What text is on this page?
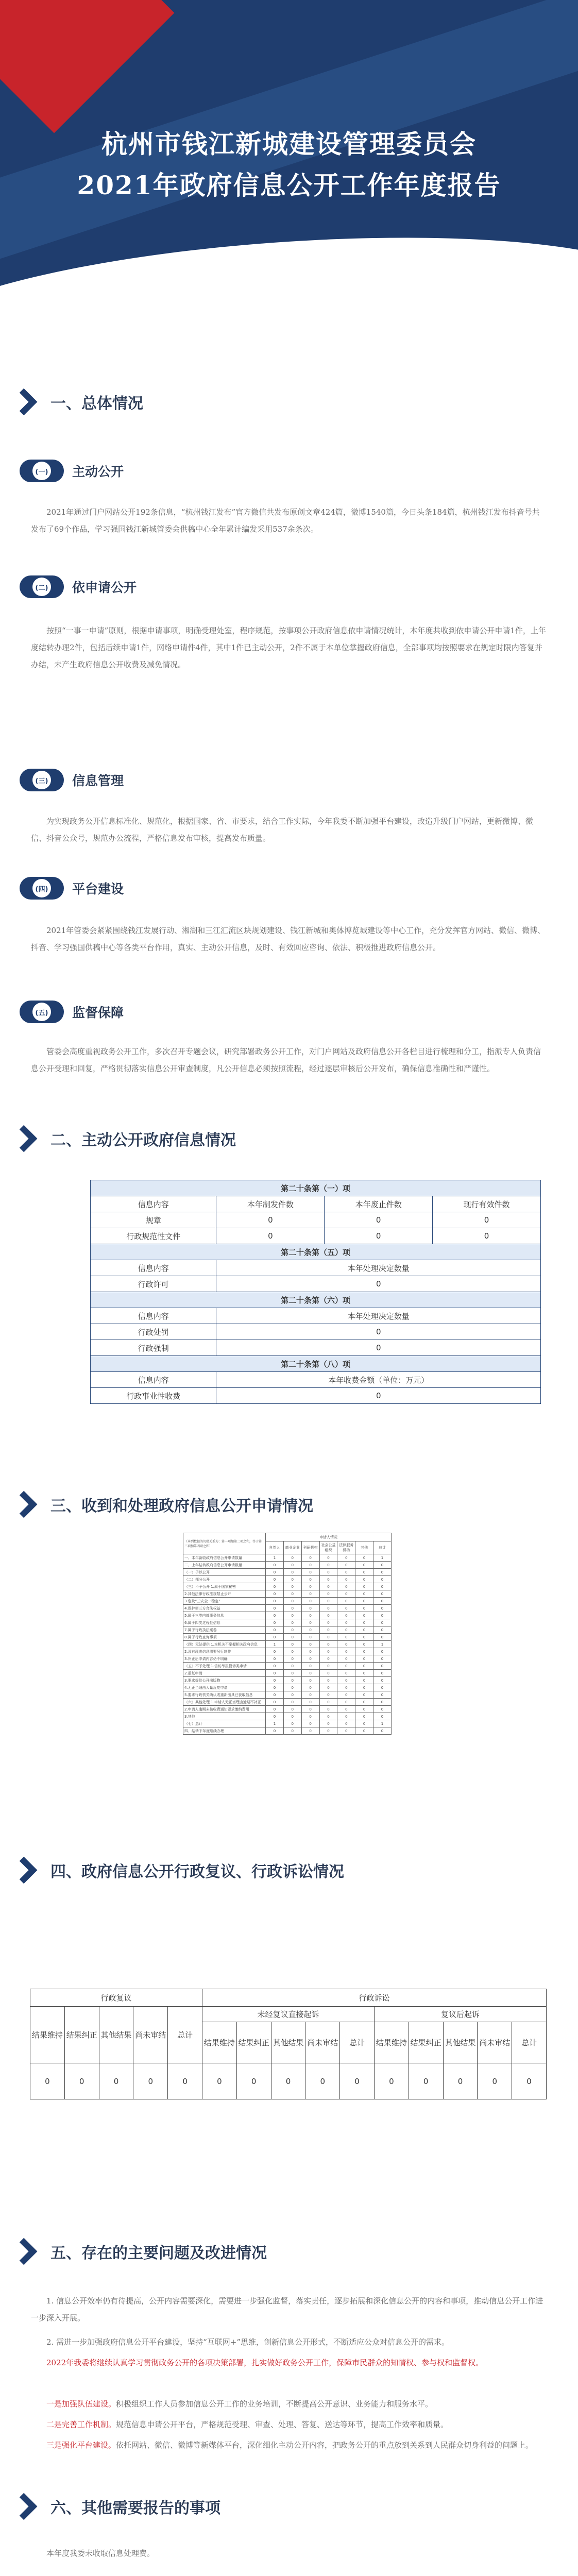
杭州市钱江新城建设管理委员会
2021年政府信息公开工作年度报告
一、总体情况
(一) 主动公开

2021年通过门户网站公开192条信息，“杭州钱江发布”官方微信共发布原创文章424篇，微博1540篇，今日头条184篇，杭州钱江发布抖音号共发布了69个作品，学习强国钱江新城管委会供稿中心全年累计编发采用537余条次。

(二) 依申请公开

按照“一事一申请”原则，根据申请事项，明确受理处室，程序规范，按事项公开政府信息依申请情况统计，本年度共收到依申请公开申请1件，上年度结转办理2件，包括后续申请1件，网络申请件4件，其中1件已主动公开，2件不属于本单位掌握政府信息，全部事项均按照要求在规定时限内答复并办结，未产生政府信息公开收费及减免情况。

(三) 信息管理

为实现政务公开信息标准化、规范化，根据国家、省、市要求，结合工作实际，今年我委不断加强平台建设，改造升级门户网站，更新微博、微信、抖音公众号，规范办公流程，严格信息发布审核，提高发布质量。

(四) 平台建设

2021年管委会紧紧围绕钱江发展行动、湘湖和三江汇流区块规划建设、钱江新城和奥体博览城建设等中心工作，充分发挥官方网站、微信、微博、抖音、学习强国供稿中心等各类平台作用，真实、主动公开信息，及时、有效回应咨询、依法、积极推进政府信息公开。

(五) 监督保障

管委会高度重视政务公开工作，多次召开专题会议，研究部署政务公开工作，对门户网站及政府信息公开各栏目进行梳理和分工，指派专人负责信息公开受理和回复，严格贯彻落实信息公开审查制度，凡公开信息必须按照流程，经过逐层审核后公开发布，确保信息准确性和严谨性。

二、主动公开政府信息情况
第二十条第（一）项			
信息内容	本年制发件数	本年废止件数	现行有效件数
规章	0	0	0
行政规范性文件	0	0	0
第二十条第（五）项			
信息内容	本年处理决定数量		
行政许可	0		
第二十条第（六）项			
信息内容	本年处理决定数量		
行政处罚	0		
行政强制	0		
第二十条第（八）项			
信息内容	本年收费金额（单位：万元）		
行政事业性收费	0		
三、收到和处理政府信息公开申请情况
（本列数据的勾稽关系为：第一项加第二项之和，等于第三项加第四项之和）	申请人情况						
	自然人	商业企业	科研机构	社会公益组织	法律服务机构	其他	总计
一、本年新收政府信息公开申请数量	1	0	0	0	0	0	1
二、上年结转政府信息公开申请数量	0	0	0	0	0	0	0
（一）予以公开	0	0	0	0	0	0	0
（二）部分公开	0	0	0	0	0	0	0
（三）不予公开 1.属于国家秘密	0	0	0	0	0	0	0
2.其他法律行政法规禁止公开	0	0	0	0	0	0	0
3.危及“三安全一稳定”	0	0	0	0	0	0	0
4.保护第三方合法权益	0	0	0	0	0	0	0
5.属于三类内部事务信息	0	0	0	0	0	0	0
6.属于四类过程性信息	0	0	0	0	0	0	0
7.属于行政执法案卷	0	0	0	0	0	0	0
8.属于行政查询事项	0	0	0	0	0	0	0
（四）无法提供 1.本机关不掌握相关政府信息	1	0	0	0	0	0	1
2.没有现成信息需要另行制作	0	0	0	0	0	0	0
3.补正后申请内容仍不明确	0	0	0	0	0	0	0
（五）不予处理 1.信访举报投诉类申请	0	0	0	0	0	0	0
2.重复申请	0	0	0	0	0	0	0
3.要求提供公开出版物	0	0	0	0	0	0	0
4.无正当理由大量反复申请	0	0	0	0	0	0	0
5.要求行政机关确认或重新出具已获取信息	0	0	0	0	0	0	0
（六）其他处理 1.申请人无正当理由逾期不补正	0	0	0	0	0	0	0
2.申请人逾期未按收费通知要求缴纳费用	0	0	0	0	0	0	0
3.其他	0	0	0	0	0	0	0
（七）总计	1	0	0	0	0	0	1
四、结转下年度继续办理	0	0	0	0	0	0	0
四、政府信息公开行政复议、行政诉讼情况
行政复议					行政诉讼									
结果维持	结果纠正	其他结果	尚未审结	总计	未经复议直接起诉					复议后起诉				
					结果维持	结果纠正	其他结果	尚未审结	总计	结果维持	结果纠正	其他结果	尚未审结	总计
0	0	0	0	0	0	0	0	0	0	0	0	0	0	0
五、存在的主要问题及改进情况

1. 信息公开效率仍有待提高，公开内容需要深化，需要进一步强化监督，落实责任，逐步拓展和深化信息公开的内容和事项，推动信息公开工作进一步深入开展。

2. 需进一步加强政府信息公开平台建设，坚持“互联网+”思维，创新信息公开形式，不断适应公众对信息公开的需求。

2022年我委将继续认真学习贯彻政务公开的各项决策部署，扎实做好政务公开工作，保障市民群众的知情权、参与权和监督权。

一是加强队伍建设。积极组织工作人员参加信息公开工作的业务培训，不断提高公开意识、业务能力和服务水平。

二是完善工作机制。规范信息申请公开平台，严格规范受理、审查、处理、答复、送达等环节，提高工作效率和质量。

三是强化平台建设。依托网站、微信、微博等新媒体平台，深化细化主动公开内容，把政务公开的重点放到关系到人民群众切身利益的问题上。

六、其他需要报告的事项

本年度我委未收取信息处理费。
